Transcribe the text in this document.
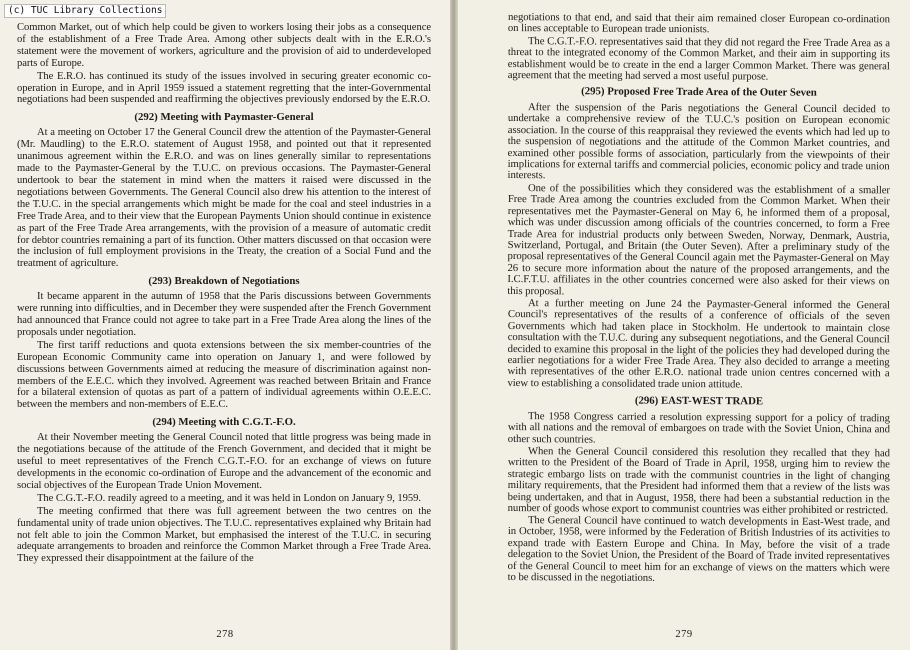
(c) TUC Library Collections

Common Market, out of which help could be given to workers losing their jobs as a consequence of the establishment of a Free Trade Area. Among other subjects dealt with in the E.R.O.'s statement were the movement of workers, agriculture and the provision of aid to underdeveloped parts of Europe.

The E.R.O. has continued its study of the issues involved in securing greater economic co-operation in Europe, and in April 1959 issued a statement regretting that the inter-Governmental negotiations had been suspended and reaffirming the objectives previously endorsed by the E.R.O.

(292) Meeting with Paymaster-General

At a meeting on October 17 the General Council drew the attention of the Paymaster-General (Mr. Maudling) to the E.R.O. statement of August 1958, and pointed out that it represented unanimous agreement within the E.R.O. and was on lines generally similar to representations made to the Paymaster-General by the T.U.C. on previous occasions. The Paymaster-General undertook to bear the statement in mind when the matters it raised were discussed in the negotiations between Governments. The General Council also drew his attention to the interest of the T.U.C. in the special arrangements which might be made for the coal and steel industries in a Free Trade Area, and to their view that the European Payments Union should continue in existence as part of the Free Trade Area arrangements, with the provision of a measure of automatic credit for debtor countries remaining a part of its function. Other matters discussed on that occasion were the inclusion of full employment provisions in the Treaty, the creation of a Social Fund and the treatment of agriculture.

(293) Breakdown of Negotiations

It became apparent in the autumn of 1958 that the Paris discussions between Governments were running into difficulties, and in December they were suspended after the French Government had announced that France could not agree to take part in a Free Trade Area along the lines of the proposals under negotiation.

The first tariff reductions and quota extensions between the six member-countries of the European Economic Community came into operation on January 1, and were followed by discussions between Governments aimed at reducing the measure of discrimination against non-members of the E.E.C. which they involved. Agreement was reached between Britain and France for a bilateral extension of quotas as part of a pattern of individual agreements within O.E.E.C. between the members and non-members of E.E.C.

(294) Meeting with C.G.T.-F.O.

At their November meeting the General Council noted that little progress was being made in the negotiations because of the attitude of the French Government, and decided that it might be useful to meet representatives of the French C.G.T.-F.O. for an exchange of views on future developments in the economic co-ordination of Europe and the advancement of the economic and social objectives of the European Trade Union Movement.

The C.G.T.-F.O. readily agreed to a meeting, and it was held in London on January 9, 1959.

The meeting confirmed that there was full agreement between the two centres on the fundamental unity of trade union objectives. The T.U.C. representatives explained why Britain had not felt able to join the Common Market, but emphasised the interest of the T.U.C. in securing adequate arrangements to broaden and reinforce the Common Market through a Free Trade Area. They expressed their disappointment at the failure of the

278

negotiations to that end, and said that their aim remained closer European co-ordination on lines acceptable to European trade unionists.

The C.G.T.-F.O. representatives said that they did not regard the Free Trade Area as a threat to the integrated economy of the Common Market, and their aim in supporting its establishment would be to create in the end a larger Common Market. There was general agreement that the meeting had served a most useful purpose.

(295) Proposed Free Trade Area of the Outer Seven

After the suspension of the Paris negotiations the General Council decided to undertake a comprehensive review of the T.U.C.'s position on European economic association. In the course of this reappraisal they reviewed the events which had led up to the suspension of negotiations and the attitude of the Common Market countries, and examined other possible forms of association, particularly from the viewpoints of their implications for external tariffs and commercial policies, economic policy and trade union interests.

One of the possibilities which they considered was the establishment of a smaller Free Trade Area among the countries excluded from the Common Market. When their representatives met the Paymaster-General on May 6, he informed them of a proposal, which was under discussion among officials of the countries concerned, to form a Free Trade Area for industrial products only between Sweden, Norway, Denmark, Austria, Switzerland, Portugal, and Britain (the Outer Seven). After a preliminary study of the proposal representatives of the General Council again met the Paymaster-General on May 26 to secure more information about the nature of the proposed arrangements, and the I.C.F.T.U. affiliates in the other countries concerned were also asked for their views on this proposal.

At a further meeting on June 24 the Paymaster-General informed the General Council's representatives of the results of a conference of officials of the seven Governments which had taken place in Stockholm. He undertook to maintain close consultation with the T.U.C. during any subsequent negotiations, and the General Council decided to examine this proposal in the light of the policies they had developed during the earlier negotiations for a wider Free Trade Area. They also decided to arrange a meeting with representatives of the other E.R.O. national trade union centres concerned with a view to establishing a consolidated trade union attitude.

(296) EAST-WEST TRADE

The 1958 Congress carried a resolution expressing support for a policy of trading with all nations and the removal of embargoes on trade with the Soviet Union, China and other such countries.

When the General Council considered this resolution they recalled that they had written to the President of the Board of Trade in April, 1958, urging him to review the strategic embargo lists on trade with the communist countries in the light of changing military requirements, that the President had informed them that a review of the lists was being undertaken, and that in August, 1958, there had been a substantial reduction in the number of goods whose export to communist countries was either prohibited or restricted.

The General Council have continued to watch developments in East-West trade, and in October, 1958, were informed by the Federation of British Industries of its activities to expand trade with Eastern Europe and China. In May, before the visit of a trade delegation to the Soviet Union, the President of the Board of Trade invited representatives of the General Council to meet him for an exchange of views on the matters which were to be discussed in the negotiations.

279
